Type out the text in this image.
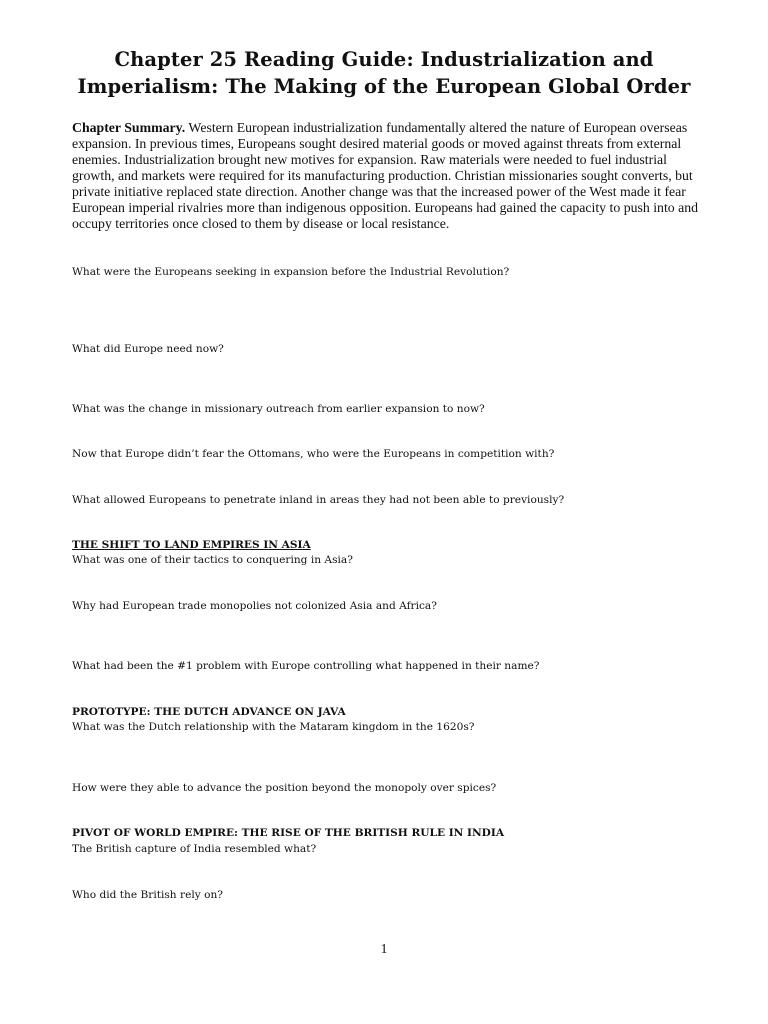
Chapter 25 Reading Guide: Industrialization and
Imperialism: The Making of the European Global Order

Chapter Summary. Western European industrialization fundamentally altered the nature of European overseas expansion. In previous times, Europeans sought desired material goods or moved against threats from external enemies. Industrialization brought new motives for expansion. Raw materials were needed to fuel industrial growth, and markets were required for its manufacturing production. Christian missionaries sought converts, but private initiative replaced state direction. Another change was that the increased power of the West made it fear European imperial rivalries more than indigenous opposition. Europeans had gained the capacity to push into and occupy territories once closed to them by disease or local resistance.

What were the Europeans seeking in expansion before the Industrial Revolution?

What did Europe need now?

What was the change in missionary outreach from earlier expansion to now?

Now that Europe didn’t fear the Ottomans, who were the Europeans in competition with?

What allowed Europeans to penetrate inland in areas they had not been able to previously?

THE SHIFT TO LAND EMPIRES IN ASIA

What was one of their tactics to conquering in Asia?

Why had European trade monopolies not colonized Asia and Africa?

What had been the #1 problem with Europe controlling what happened in their name?

PROTOTYPE: THE DUTCH ADVANCE ON JAVA

What was the Dutch relationship with the Mataram kingdom in the 1620s?

How were they able to advance the position beyond the monopoly over spices?

PIVOT OF WORLD EMPIRE: THE RISE OF THE BRITISH RULE IN INDIA

The British capture of India resembled what?

Who did the British rely on?

1
